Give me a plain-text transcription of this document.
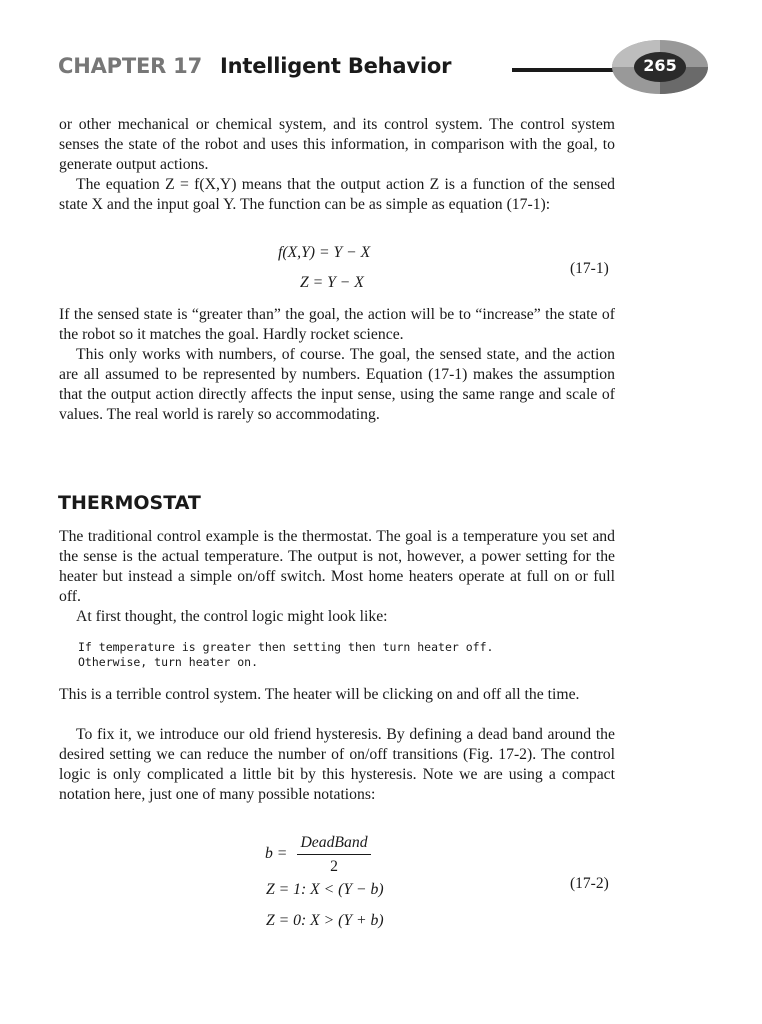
CHAPTER 17 Intelligent Behavior	265

or other mechanical or chemical system, and its control system. The control system senses the state of the robot and uses this information, in comparison with the goal, to generate output actions.

The equation Z = f(X,Y) means that the output action Z is a function of the sensed state X and the input goal Y. The function can be as simple as equation (17-1):

f(X,Y) = Y − X
Z = Y − X
(17-1)

If the sensed state is “greater than” the goal, the action will be to “increase” the state of the robot so it matches the goal. Hardly rocket science.

This only works with numbers, of course. The goal, the sensed state, and the action are all assumed to be represented by numbers. Equation (17-1) makes the assumption that the output action directly affects the input sense, using the same range and scale of values. The real world is rarely so accommodating.

THERMOSTAT

The traditional control example is the thermostat. The goal is a temperature you set and the sense is the actual temperature. The output is not, however, a power setting for the heater but instead a simple on/off switch. Most home heaters operate at full on or full off.

At first thought, the control logic might look like:

If temperature is greater then setting then turn heater off.
Otherwise, turn heater on.

This is a terrible control system. The heater will be clicking on and off all the time.

To fix it, we introduce our old friend hysteresis. By defining a dead band around the desired setting we can reduce the number of on/off transitions (Fig. 17-2). The control logic is only complicated a little bit by this hysteresis. Note we are using a compact notation here, just one of many possible notations:

b =
DeadBand
2
Z = 1: X < (Y − b)	(17-2)
Z = 0: X > (Y + b)
